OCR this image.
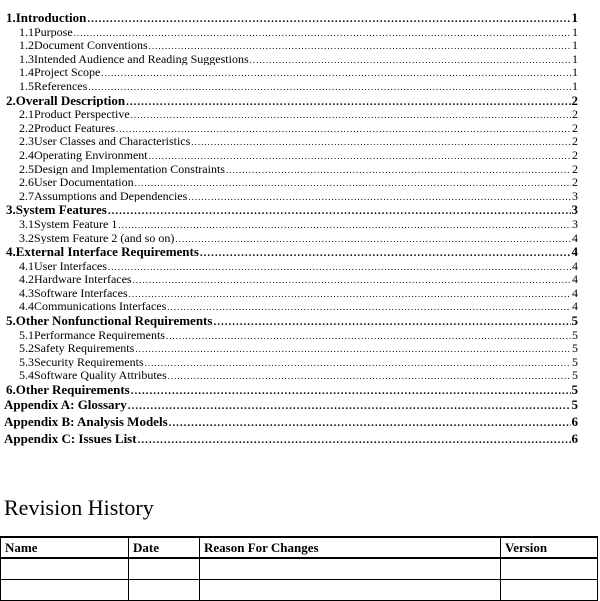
1. Introduction .....	1
1.1 Purpose .....	1
1.2 Document Conventions .....	1
1.3 Intended Audience and Reading Suggestions .....	1
1.4 Project Scope .....	1
1.5 References .....	1
2. Overall Description .....	2
2.1 Product Perspective .....	2
2.2 Product Features .....	2
2.3 User Classes and Characteristics .....	2
2.4 Operating Environment .....	2
2.5 Design and Implementation Constraints .....	2
2.6 User Documentation .....	2
2.7 Assumptions and Dependencies .....	3
3. System Features .....	3
3.1 System Feature 1 .....	3
3.2 System Feature 2 (and so on) .....	4
4. External Interface Requirements .....	4
4.1 User Interfaces .....	4
4.2 Hardware Interfaces .....	4
4.3 Software Interfaces .....	4
4.4 Communications Interfaces .....	4
5. Other Nonfunctional Requirements .....	5
5.1 Performance Requirements .....	5
5.2 Safety Requirements .....	5
5.3 Security Requirements .....	5
5.4 Software Quality Attributes .....	5
6. Other Requirements .....	5
Appendix A: Glossary .....	5
Appendix B: Analysis Models .....	6
Appendix C: Issues List .....	6
Revision History
Name	Date	Reason For Changes	Version
